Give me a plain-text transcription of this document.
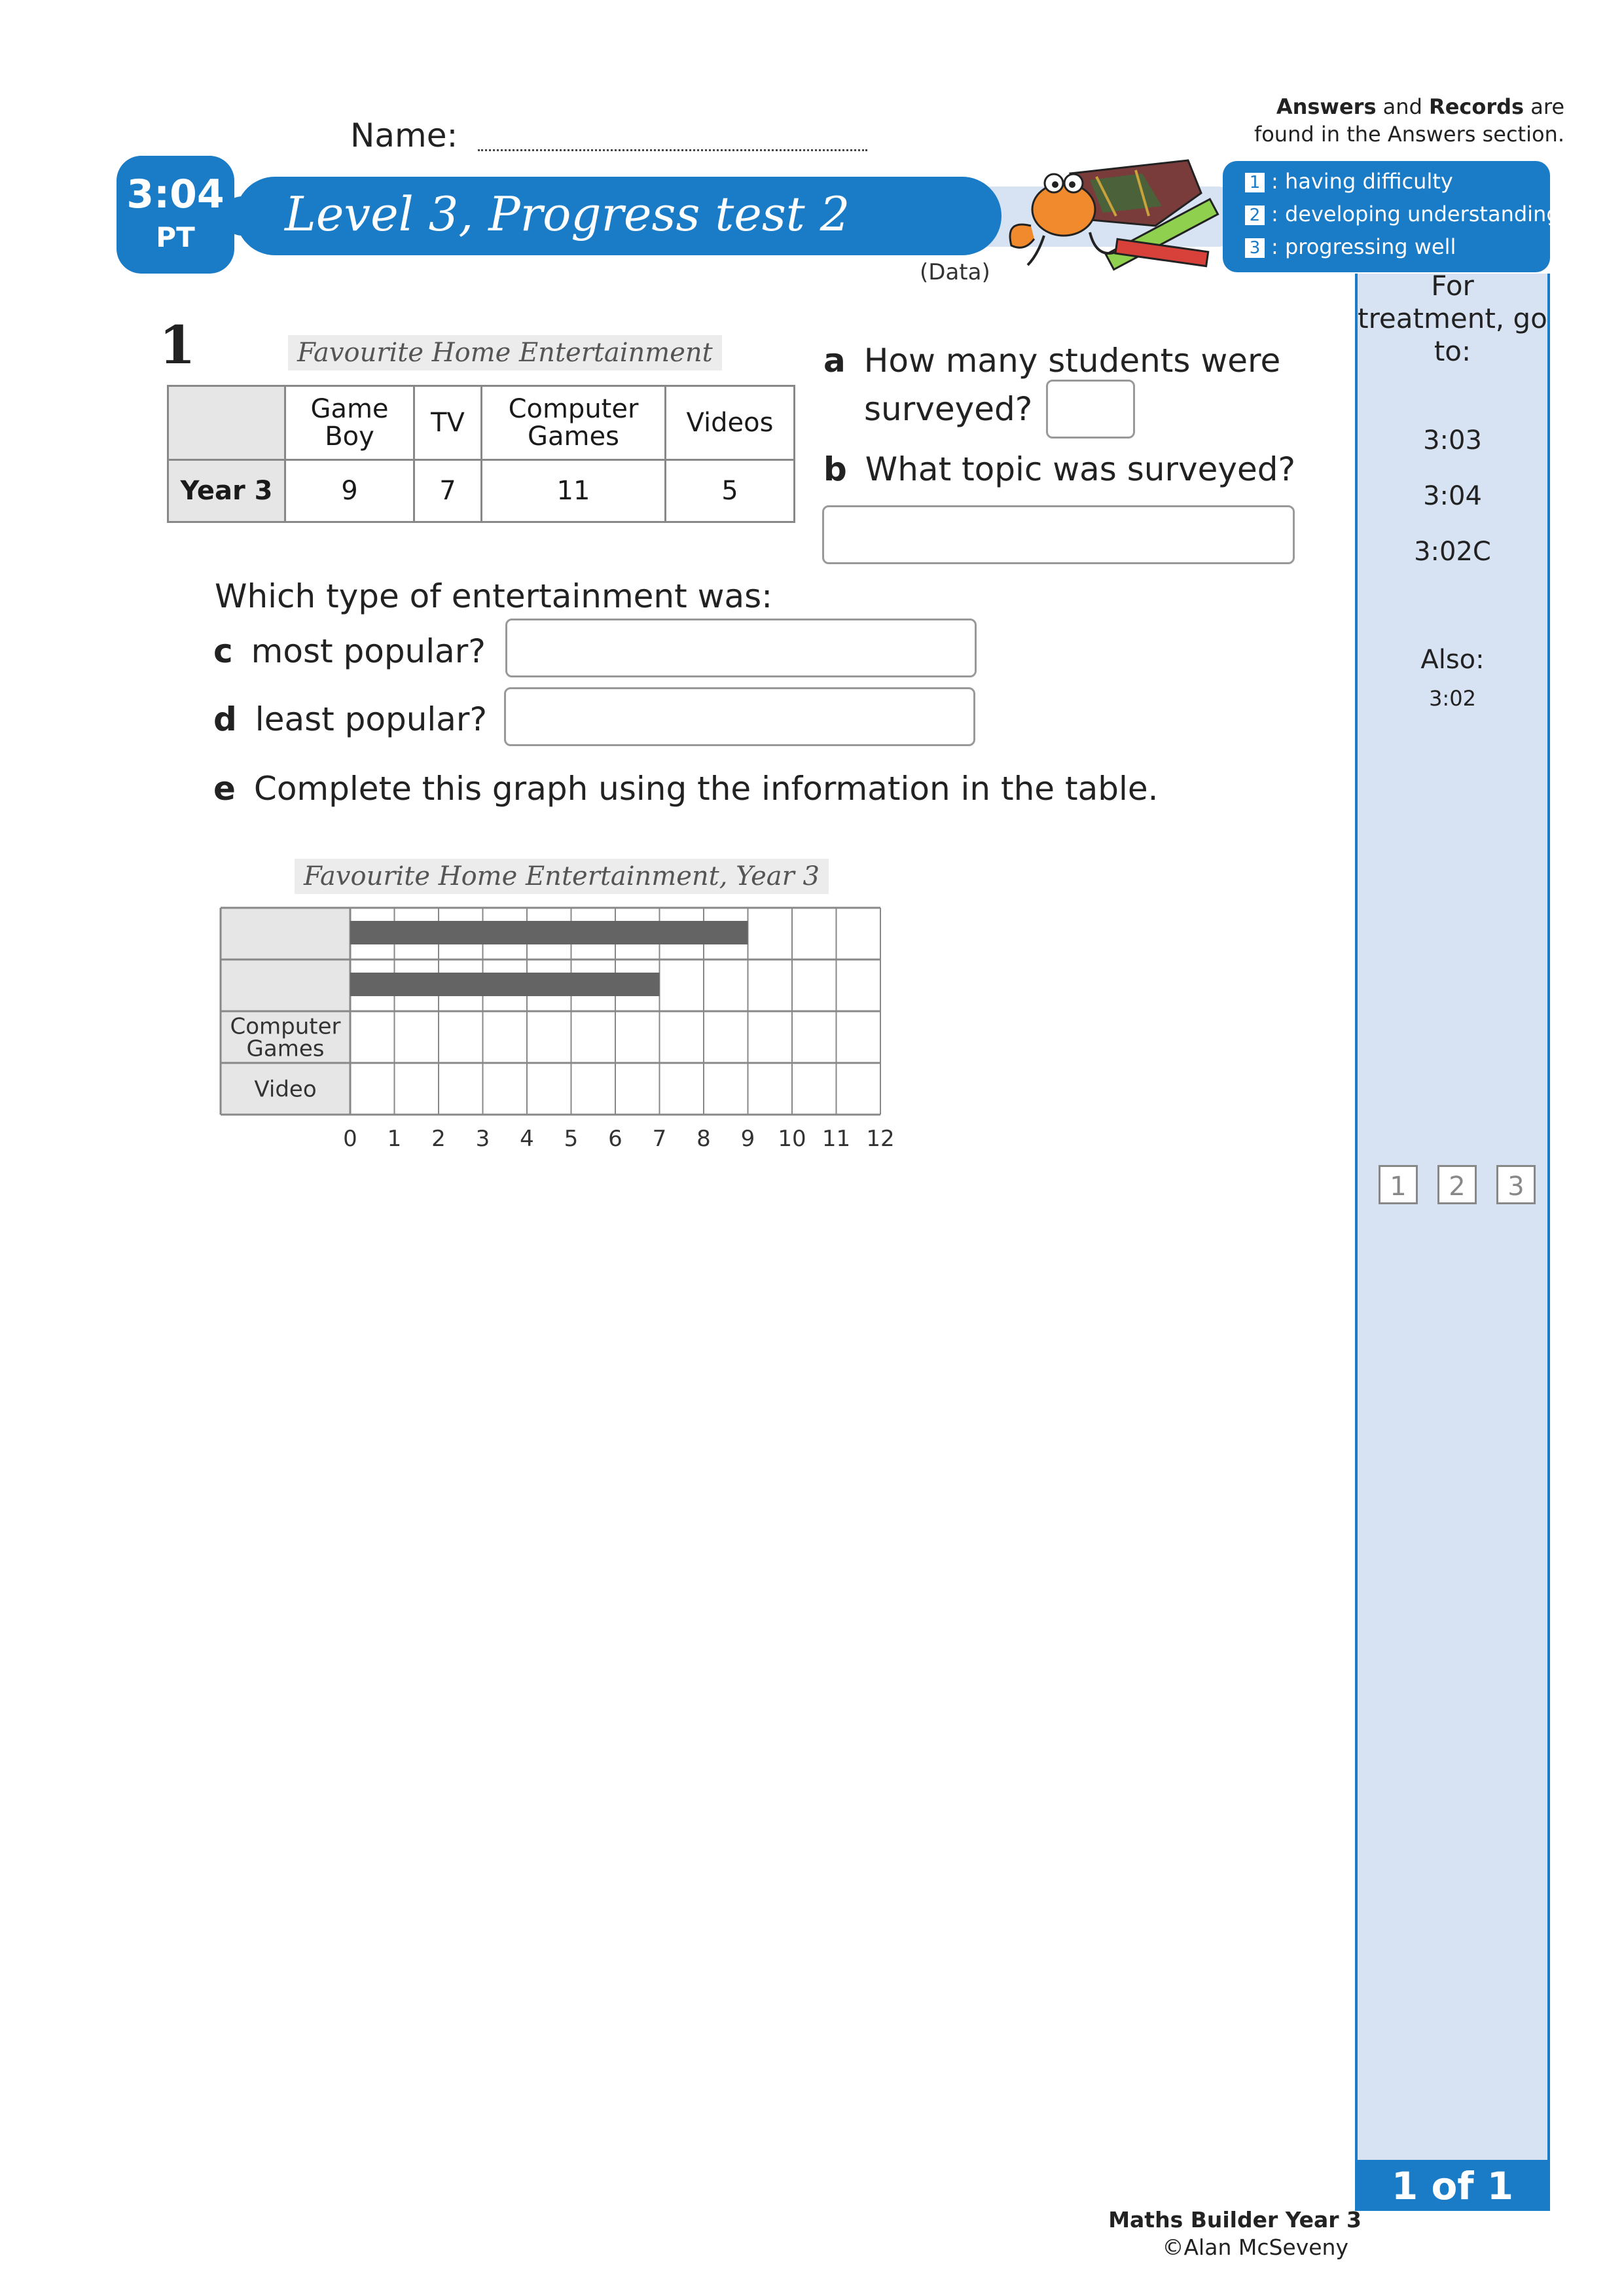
Name:
Answers and Records are
found in the Answers section.
Level 3, Progress test 2
3:04
PT
(Data)
1 : having difficulty
2 : developing understanding
3 : progressing well
For treatment, go to:
3:03
3:04
3:02C
Also:
3:02
1	2	3
1 of 1
Maths Builder Year 3
©Alan McSeveny
1	Favourite Home Entertainment
	Game Boy	TV	Computer Games	Videos
Year 3	9	7	11	5
a How many students were
surveyed?
b What topic was surveyed?
Which type of entertainment was:
c most popular?
d least popular?
e Complete this graph using the information in the table.
Favourite Home Entertainment, Year 3
Computer
Games
Video
0 1 2 3 4 5 6 7 8 9 10 11 12
